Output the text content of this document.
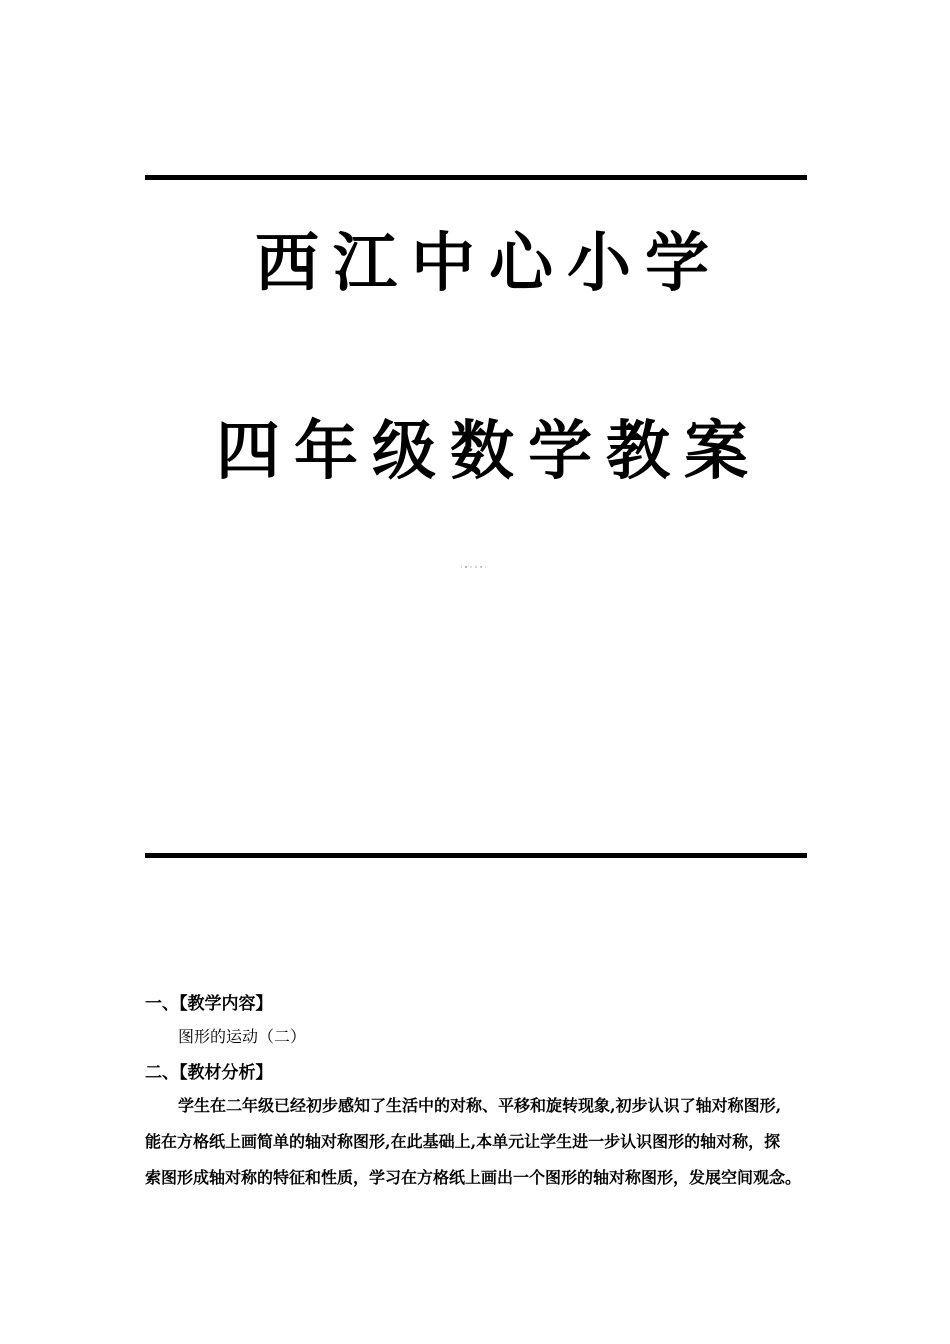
西江中心小学
四年级数学教案
（第七单元）
一、【教学内容】
图形的运动（二）
二、【教材分析】
学生在二年级已经初步感知了生活中的对称、平移和旋转现象,初步认识了轴对称图形,
能在方格纸上画简单的轴对称图形,在此基础上,本单元让学生进一步认识图形的轴对称，探
索图形成轴对称的特征和性质，学习在方格纸上画出一个图形的轴对称图形，发展空间观念。
